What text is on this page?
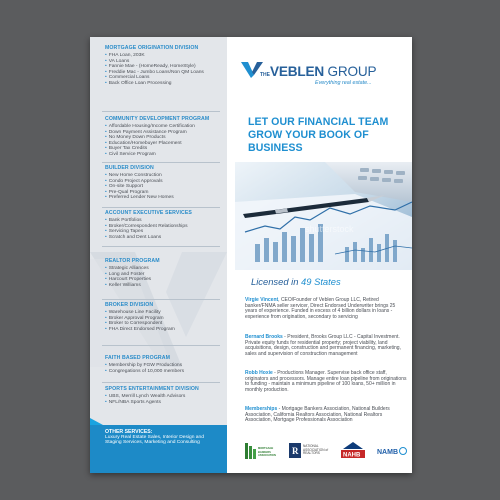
MORTGAGE ORIGINATION DIVISION
• FHA Loan, 203K
• VA Loans
• Fannie Mae - (HomeReady, HomeStyle)
• Freddie Mac - Jumbo Loans/Non QM Loans
• Commercial Loans
• Back Office Loan Processing
COMMUNITY DEVELOPMENT PROGRAM
• Affordable Housing/Income Certification
• Down Payment Assistance Program
• No Money Down Products
• Education/Homebuyer Placement
• Buyer Tax Credits
• Civil Service Program
BUILDER DIVISION
• New Home Construction
• Condo Project Approvals
• On-site Support
• Pre-Qual Program
• Preferred Lender New Homes
ACCOUNT EXECUTIVE SERVICES
• Bank Portfolios
• Broker/Correspondent Relationships
• Servicing Tapes
• Scratch and Dent Loans
REALTOR PROGRAM
• Strategic Alliances
• Long and Foster
• Harcourt Properties
• Keller Williams
BROKER DIVISION
• Warehouse Line Facility
• Broker Approval Program
• Broker to Correspondent
• FHA Direct Endorsed Program
FAITH BASED PROGRAM
• Membership by FGW Productions
• Congregations of 10,000 members
SPORTS ENTERTAINMENT DIVISION
• UBS, Merrill Lynch Wealth Advisors
• NFL/NBA Sports Agents
OTHER SERVICES:
Luxury Real Estate Sales, Interior Design and Staging Services, Marketing and Consulting
THE VEBLEN GROUP
Everything real estate...
LET OUR FINANCIAL TEAM GROW YOUR BOOK OF BUSINESS
shutterstock
Licensed in 49 States
Virgie Vincent, CEO/Founder of Veblen Group LLC, Retired banker/FNMA seller servicer, Direct Endorsed Underwriter brings 25 years of experience. Funded in excess of 4 billion dollars in loans - experience from origination, secondary to servicing
Bernard Brooks - President, Brooks Group LLC - Capital Investment. Private equity funds for residential property; project viability, land acquisitions, design, construction and permanent financing, marketing, sales and supervision of construction management
Robb Hoxie - Productions Manager. Supervise back office staff, originators and processors. Manage entire loan pipeline from originations to funding - maintain a minimum pipeline of 100 loans, 50+ million in monthly production.
Memberships - Mortgage Bankers Association, National Builders Association, California Realtors Association, National Realtors Association, Mortgage Professionals Association
MORTGAGE BANKERS ASSOCIATION	R NATIONAL
ASSOCIATION of
REALTORS	NAHB NAMB
